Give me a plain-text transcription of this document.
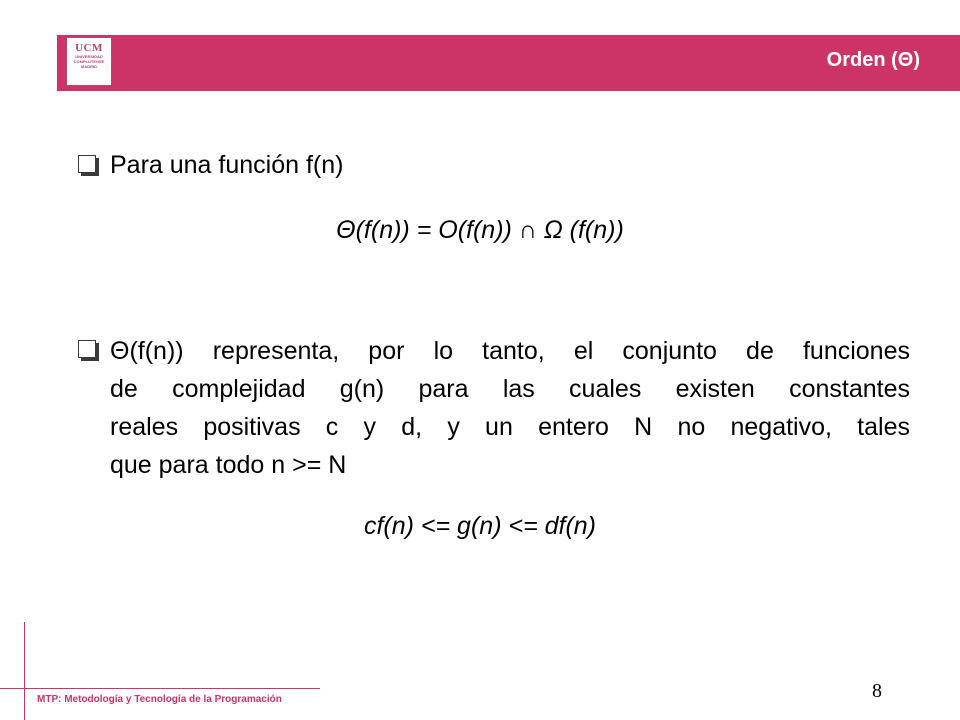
UCM
UNIVERSIDAD COMPLUTENSE MADRID	Orden (Θ)
Para una función f(n)
Θ(f(n)) = O(f(n)) ∩ Ω (f(n))
Θ(f(n)) representa, por lo tanto, el conjunto de funciones
de complejidad g(n) para las cuales existen constantes
reales positivas c y d, y un entero N no negativo, tales
que para todo n >= N
cf(n) <= g(n) <= df(n)
MTP: Metodología y Tecnología de la Programación	8
